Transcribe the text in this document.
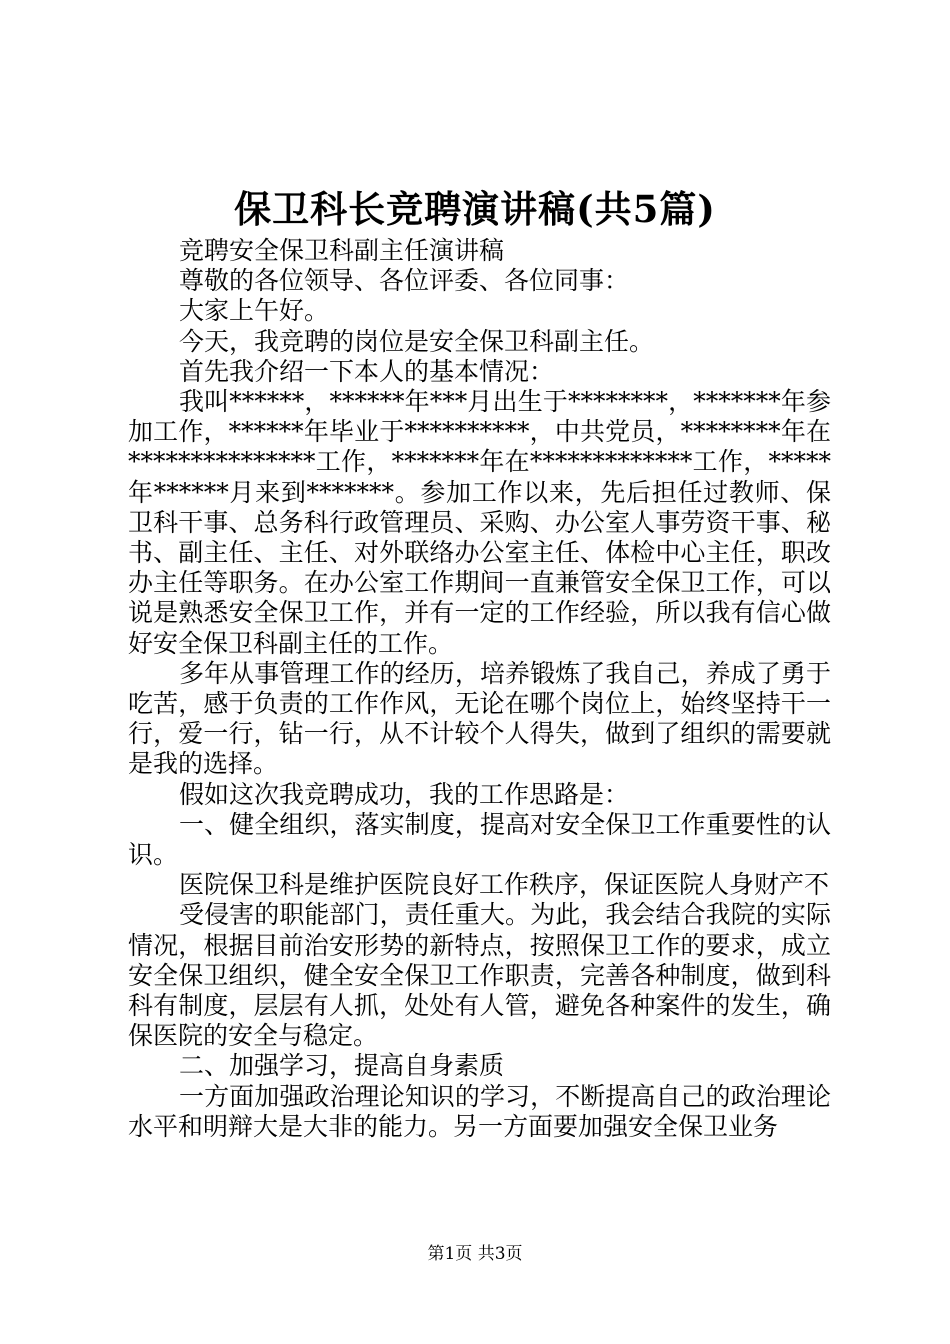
保卫科长竞聘演讲稿(共5篇)

竞聘安全保卫科副主任演讲稿

尊敬的各位领导、各位评委、各位同事：

大家上午好。

今天，我竞聘的岗位是安全保卫科副主任。

首先我介绍一下本人的基本情况：

我叫******，******年***月出生于********，*******年参加工作，******年毕业于**********，中共党员，********年在***************工作，*******年在*************工作，*****年******月来到*******。参加工作以来，先后担任过教师、保卫科干事、总务科行政管理员、采购、办公室人事劳资干事、秘书、副主任、主任、对外联络办公室主任、体检中心主任，职改办主任等职务。在办公室工作期间一直兼管安全保卫工作，可以说是熟悉安全保卫工作，并有一定的工作经验，所以我有信心做好安全保卫科副主任的工作。

多年从事管理工作的经历，培养锻炼了我自己，养成了勇于吃苦，感于负责的工作作风，无论在哪个岗位上，始终坚持干一行，爱一行，钻一行，从不计较个人得失，做到了组织的需要就是我的选择。

假如这次我竞聘成功，我的工作思路是：

一、健全组织，落实制度，提高对安全保卫工作重要性的认识。

医院保卫科是维护医院良好工作秩序，保证医院人身财产不

受侵害的职能部门，责任重大。为此，我会结合我院的实际情况，根据目前治安形势的新特点，按照保卫工作的要求，成立安全保卫组织，健全安全保卫工作职责，完善各种制度，做到科科有制度，层层有人抓，处处有人管，避免各种案件的发生，确保医院的安全与稳定。

二、加强学习，提高自身素质

一方面加强政治理论知识的学习，不断提高自己的政治理论水平和明辩大是大非的能力。另一方面要加强安全保卫业务

第1页 共3页
